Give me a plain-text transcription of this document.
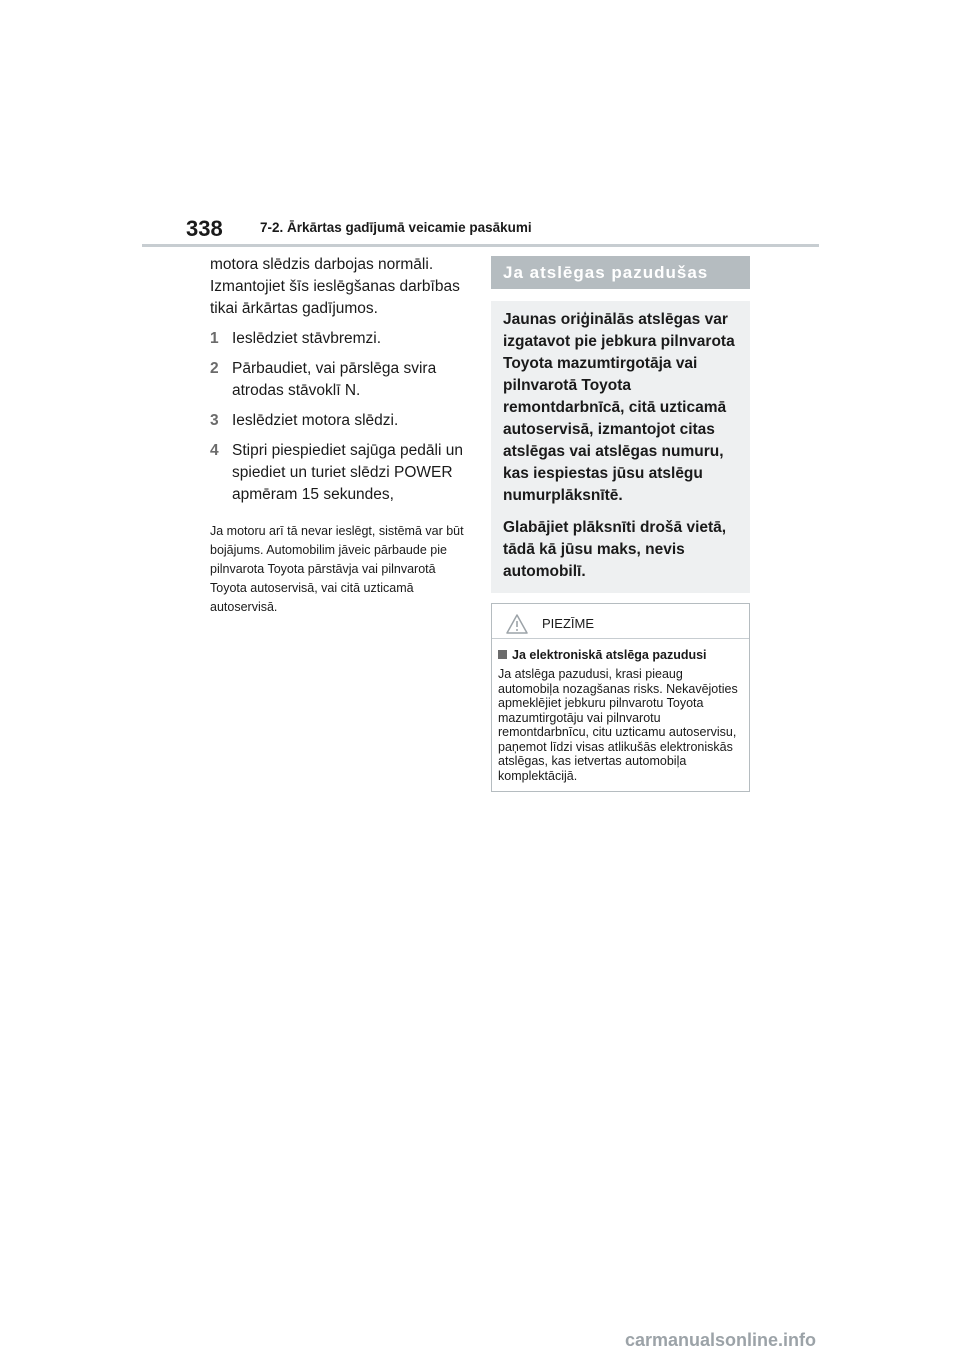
338	7-2. Ārkārtas gadījumā veicamie pasākumi

motora slēdzis darbojas normāli. Izmantojiet šīs ieslēgšanas darbības tikai ārkārtas gadījumos.

1 Ieslēdziet stāvbremzi.
2 Pārbaudiet, vai pārslēga svira atrodas stāvoklī N.
3 Ieslēdziet motora slēdzi.
4 Stipri piespiediet sajūga pedāli un spiediet un turiet slēdzi POWER apmēram 15 sekundes,

Ja motoru arī tā nevar ieslēgt, sistēmā var būt bojājums. Automobilim jāveic pārbaude pie pilnvarota Toyota pārstāvja vai pilnvarotā Toyota autoservisā, vai citā uzticamā autoservisā.

Ja atslēgas pazudušas

Jaunas oriģinālās atslēgas var izgatavot pie jebkura pilnvarota Toyota mazumtirgotāja vai pilnvarotā Toyota remontdarbnīcā, citā uzticamā autoservisā, izmantojot citas atslēgas vai atslēgas numuru, kas iespiestas jūsu atslēgu numurplāksnītē.

Glabājiet plāksnīti drošā vietā, tādā kā jūsu maks, nevis automobilī.

PIEZĪME
Ja elektroniskā atslēga pazudusi
Ja atslēga pazudusi, krasi pieaug automobiļa nozagšanas risks. Nekavējoties apmeklējiet jebkuru pilnvarotu Toyota mazumtirgotāju vai pilnvarotu remontdarbnīcu, citu uzticamu autoservisu, paņemot līdzi visas atlikušās elektroniskās atslēgas, kas ietvertas automobiļa komplektācijā.
carmanualsonline.info
